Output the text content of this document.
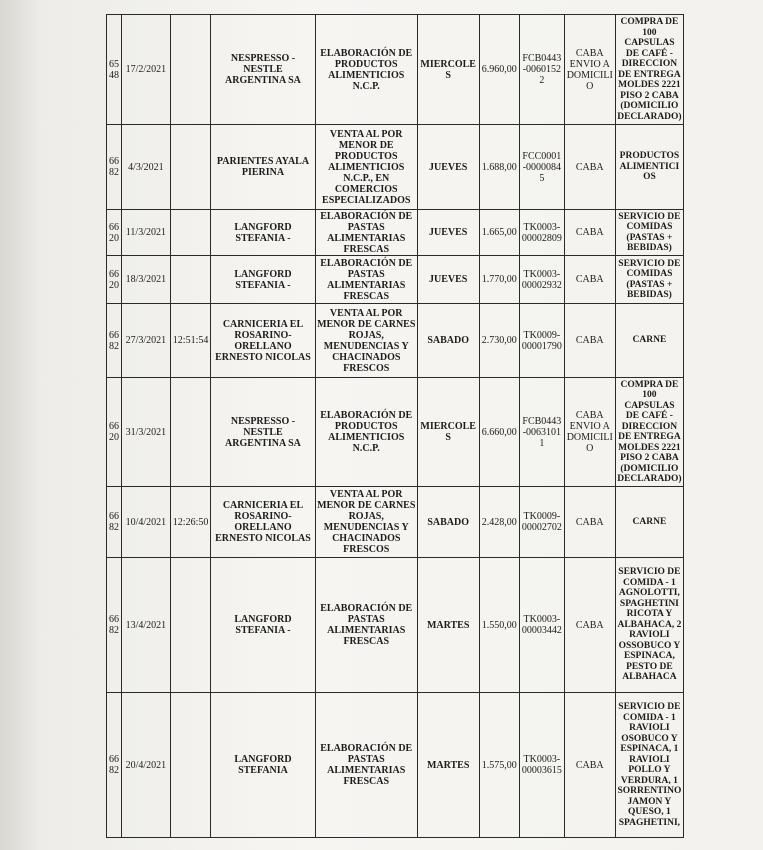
6548	17/2/2021		NESPRESSO - NESTLE ARGENTINA SA	ELABORACIÓN DE PRODUCTOS ALIMENTICIOS N.C.P.	MIERCOLES	6.960,00	FCB0443-00601522	CABA ENVIO A DOMICILIO	COMPRA DE 100 CAPSULAS DE CAFÉ - DIRECCION DE ENTREGA MOLDES 2221 PISO 2 CABA (DOMICILIO DECLARADO)
6682	4/3/2021		PARIENTES AYALA PIERINA	VENTA AL POR MENOR DE PRODUCTOS ALIMENTICIOS N.C.P., EN COMERCIOS ESPECIALIZADOS	JUEVES	1.688,00	FCC0001-00000845	CABA	PRODUCTOS ALIMENTICIOS
6620	11/3/2021		LANGFORD STEFANIA -	ELABORACIÓN DE PASTAS ALIMENTARIAS FRESCAS	JUEVES	1.665,00	TK0003-00002809	CABA	SERVICIO DE COMIDAS (PASTAS + BEBIDAS)
6620	18/3/2021		LANGFORD STEFANIA -	ELABORACIÓN DE PASTAS ALIMENTARIAS FRESCAS	JUEVES	1.770,00	TK0003-00002932	CABA	SERVICIO DE COMIDAS (PASTAS + BEBIDAS)
6682	27/3/2021	12:51:54	CARNICERIA EL ROSARINO-ORELLANO ERNESTO NICOLAS	VENTA AL POR MENOR DE CARNES ROJAS, MENUDENCIAS Y CHACINADOS FRESCOS	SABADO	2.730,00	TK0009-00001790	CABA	CARNE
6620	31/3/2021		NESPRESSO - NESTLE ARGENTINA SA	ELABORACIÓN DE PRODUCTOS ALIMENTICIOS N.C.P.	MIERCOLES	6.660,00	FCB0443-00631011	CABA ENVIO A DOMICILIO	COMPRA DE 100 CAPSULAS DE CAFÉ - DIRECCION DE ENTREGA MOLDES 2221 PISO 2 CABA (DOMICILIO DECLARADO)
6682	10/4/2021	12:26:50	CARNICERIA EL ROSARINO-ORELLANO ERNESTO NICOLAS	VENTA AL POR MENOR DE CARNES ROJAS, MENUDENCIAS Y CHACINADOS FRESCOS	SABADO	2.428,00	TK0009-00002702	CABA	CARNE
6682	13/4/2021		LANGFORD STEFANIA -	ELABORACIÓN DE PASTAS ALIMENTARIAS FRESCAS	MARTES	1.550,00	TK0003-00003442	CABA	SERVICIO DE COMIDA - 1 AGNOLOTTI, SPAGHETINI RICOTA Y ALBAHACA, 2 RAVIOLI OSSOBUCO Y ESPINACA, PESTO DE ALBAHACA
6682	20/4/2021		LANGFORD STEFANIA	ELABORACIÓN DE PASTAS ALIMENTARIAS FRESCAS	MARTES	1.575,00	TK0003-00003615	CABA	SERVICIO DE COMIDA - 1 RAVIOLI OSOBUCO Y ESPINACA, 1 RAVIOLI POLLO Y VERDURA, 1 SORRENTINO JAMON Y QUESO, 1 SPAGHETINI,
